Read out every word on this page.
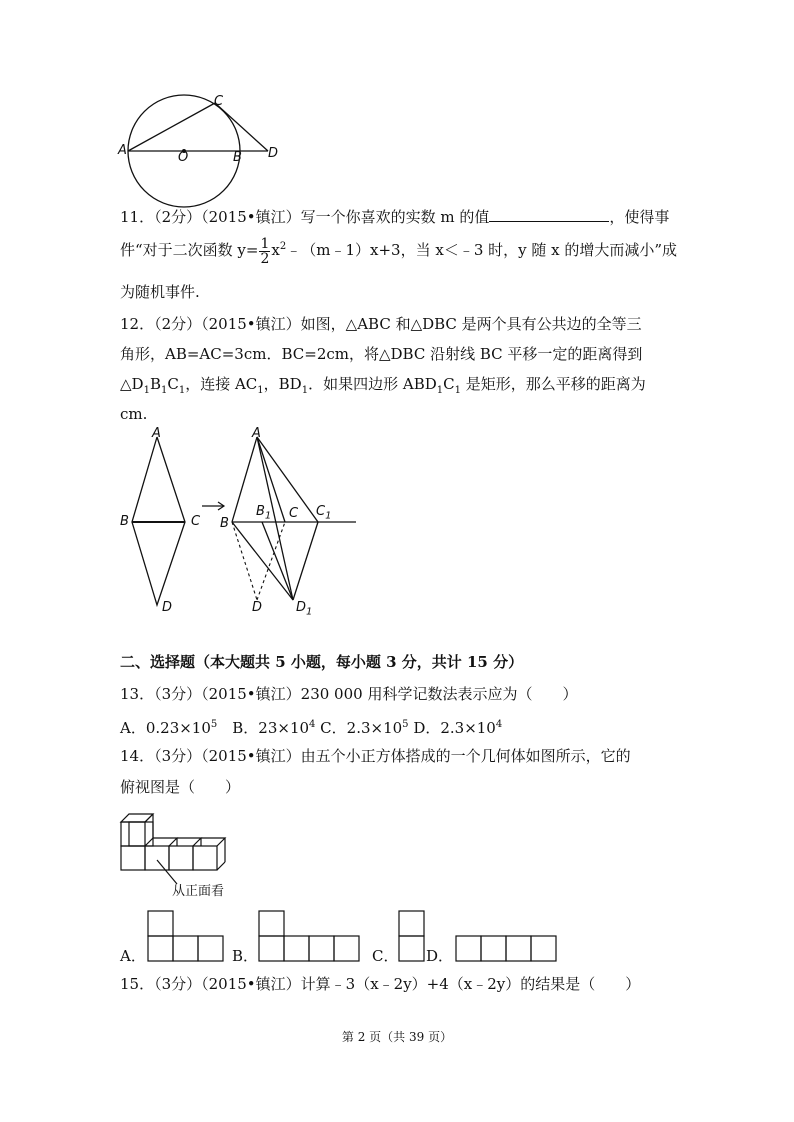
A	O	B
C
D
11．（2分）（2015•镇江）写一个你喜欢的实数 m 的值	，使得事
件“对于二次函数 $y= \frac{1}{2}$ $x^2﹣(m﹣1)x+3$，当 x＜﹣3 时，y 随 x 的增大而减小”成
为随机事件.
12．（2分）（2015•镇江）如图，△ABC 和△DBC 是两个具有公共边的全等三
角形，AB=AC=3cm．BC=2cm，将△DBC 沿射线 BC 平移一定的距离得到
$\triangle D_1B_1C_1$，连接 $AC_1$，$BD_1$．如果四边形 $ABD_1C_1$ 是矩形，那么平移的距离为
cm.
A
B	C
D
A
B
$B_1$ C $C_1$
D	$D_1$
二、选择题（本大题共 5 小题，每小题 3 分，共计 15 分）
13．（3分）（2015•镇江）230 000 用科学记数法表示应为（　　）
A．$0.23\times 10^5$　B．$23\times 10^4$ C．$2.3\times 10^5$ D．$2.3\times 10^4$
14．（3分）（2015•镇江）由五个小正方体搭成的一个几何体如图所示，它的
俯视图是（　　）
从正面看
A．	B．	C． D．
15．（3分）（2015•镇江）计算﹣3（x﹣2y）+4（x﹣2y）的结果是（　　）
第 2 页（共 39 页）
